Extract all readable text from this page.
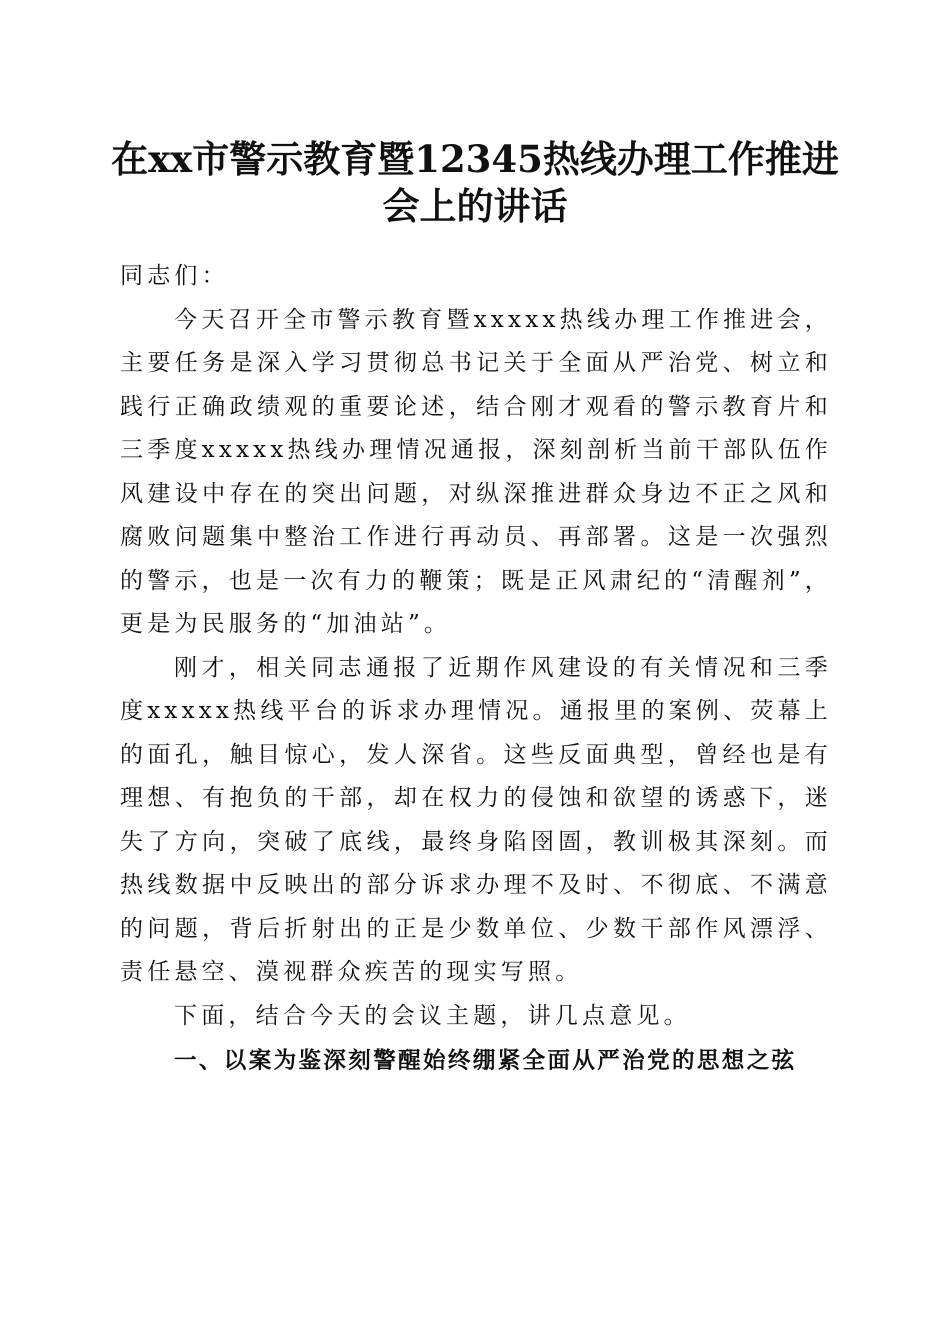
在xx市警示教育暨12345热线办理工作推进
会上的讲话

同志们：

今天召开全市警示教育暨xxxxx热线办理工作推进会，主要任务是深入学习贯彻总书记关于全面从严治党、树立和践行正确政绩观的重要论述，结合刚才观看的警示教育片和三季度xxxxx热线办理情况通报，深刻剖析当前干部队伍作风建设中存在的突出问题，对纵深推进群众身边不正之风和腐败问题集中整治工作进行再动员、再部署。这是一次强烈的警示，也是一次有力的鞭策；既是正风肃纪的“清醒剂”，更是为民服务的“加油站”。

刚才，相关同志通报了近期作风建设的有关情况和三季度xxxxx热线平台的诉求办理情况。通报里的案例、荧幕上的面孔，触目惊心，发人深省。这些反面典型，曾经也是有理想、有抱负的干部，却在权力的侵蚀和欲望的诱惑下，迷失了方向，突破了底线，最终身陷囹圄，教训极其深刻。而热线数据中反映出的部分诉求办理不及时、不彻底、不满意的问题，背后折射出的正是少数单位、少数干部作风漂浮、责任悬空、漠视群众疾苦的现实写照。

下面，结合今天的会议主题，讲几点意见。

一、以案为鉴深刻警醒始终绷紧全面从严治党的思想之弦
